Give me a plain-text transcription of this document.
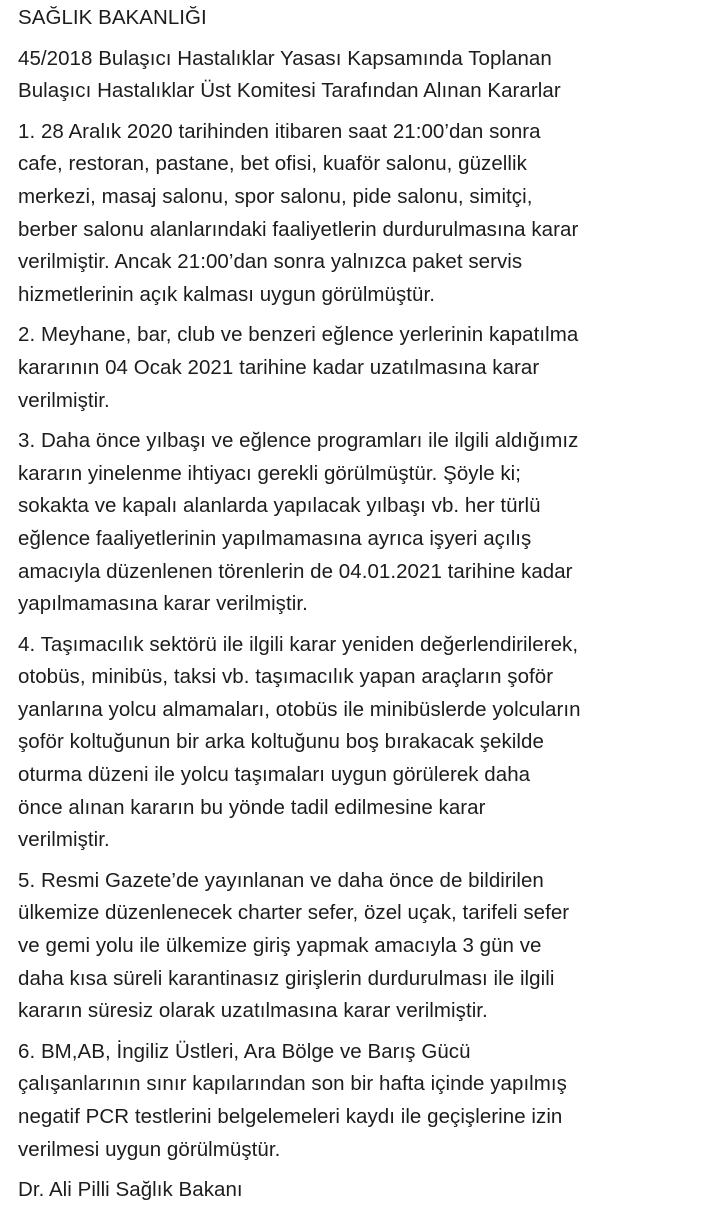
SAĞLIK BAKANLIĞI

45/2018 Bulaşıcı Hastalıklar Yasası Kapsamında Toplanan
Bulaşıcı Hastalıklar Üst Komitesi Tarafından Alınan Kararlar

1. 28 Aralık 2020 tarihinden itibaren saat 21:00’dan sonra
cafe, restoran, pastane, bet ofisi, kuaför salonu, güzellik
merkezi, masaj salonu, spor salonu, pide salonu, simitçi,
berber salonu alanlarındaki faaliyetlerin durdurulmasına karar
verilmiştir. Ancak 21:00’dan sonra yalnızca paket servis
hizmetlerinin açık kalması uygun görülmüştür.

2. Meyhane, bar, club ve benzeri eğlence yerlerinin kapatılma
kararının 04 Ocak 2021 tarihine kadar uzatılmasına karar
verilmiştir.

3. Daha önce yılbaşı ve eğlence programları ile ilgili aldığımız
kararın yinelenme ihtiyacı gerekli görülmüştür. Şöyle ki;
sokakta ve kapalı alanlarda yapılacak yılbaşı vb. her türlü
eğlence faaliyetlerinin yapılmamasına ayrıca işyeri açılış
amacıyla düzenlenen törenlerin de 04.01.2021 tarihine kadar
yapılmamasına karar verilmiştir.

4. Taşımacılık sektörü ile ilgili karar yeniden değerlendirilerek,
otobüs, minibüs, taksi vb. taşımacılık yapan araçların şoför
yanlarına yolcu almamaları, otobüs ile minibüslerde yolcuların
şoför koltuğunun bir arka koltuğunu boş bırakacak şekilde
oturma düzeni ile yolcu taşımaları uygun görülerek daha
önce alınan kararın bu yönde tadil edilmesine karar
verilmiştir.

5. Resmi Gazete’de yayınlanan ve daha önce de bildirilen
ülkemize düzenlenecek charter sefer, özel uçak, tarifeli sefer
ve gemi yolu ile ülkemize giriş yapmak amacıyla 3 gün ve
daha kısa süreli karantinasız girişlerin durdurulması ile ilgili
kararın süresiz olarak uzatılmasına karar verilmiştir.

6. BM,AB, İngiliz Üstleri, Ara Bölge ve Barış Gücü
çalışanlarının sınır kapılarından son bir hafta içinde yapılmış
negatif PCR testlerini belgelemeleri kaydı ile geçişlerine izin
verilmesi uygun görülmüştür.

Dr. Ali Pilli Sağlık Bakanı
